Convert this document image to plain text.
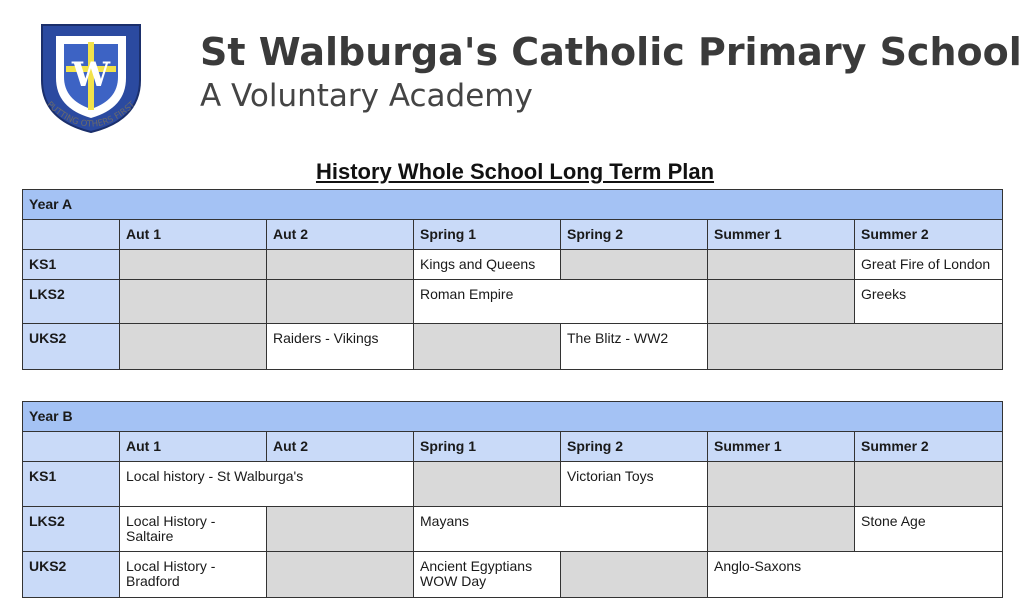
W
PUTTING OTHERS FIRST
St Walburga's Catholic Primary School
A Voluntary Academy
History Whole School Long Term Plan
Year A						
	Aut 1	Aut 2	Spring 1	Spring 2	Summer 1	Summer 2
KS1			Kings and Queens			Great Fire of London
LKS2			Roman Empire			Greeks
UKS2		Raiders - Vikings		The Blitz - WW2		
Year B						
	Aut 1	Aut 2	Spring 1	Spring 2	Summer 1	Summer 2
KS1	Local history - St Walburga's			Victorian Toys		
LKS2	Local History - Saltaire		Mayans			Stone Age
UKS2	Local History - Bradford		Ancient Egyptians WOW Day		Anglo-Saxons	
